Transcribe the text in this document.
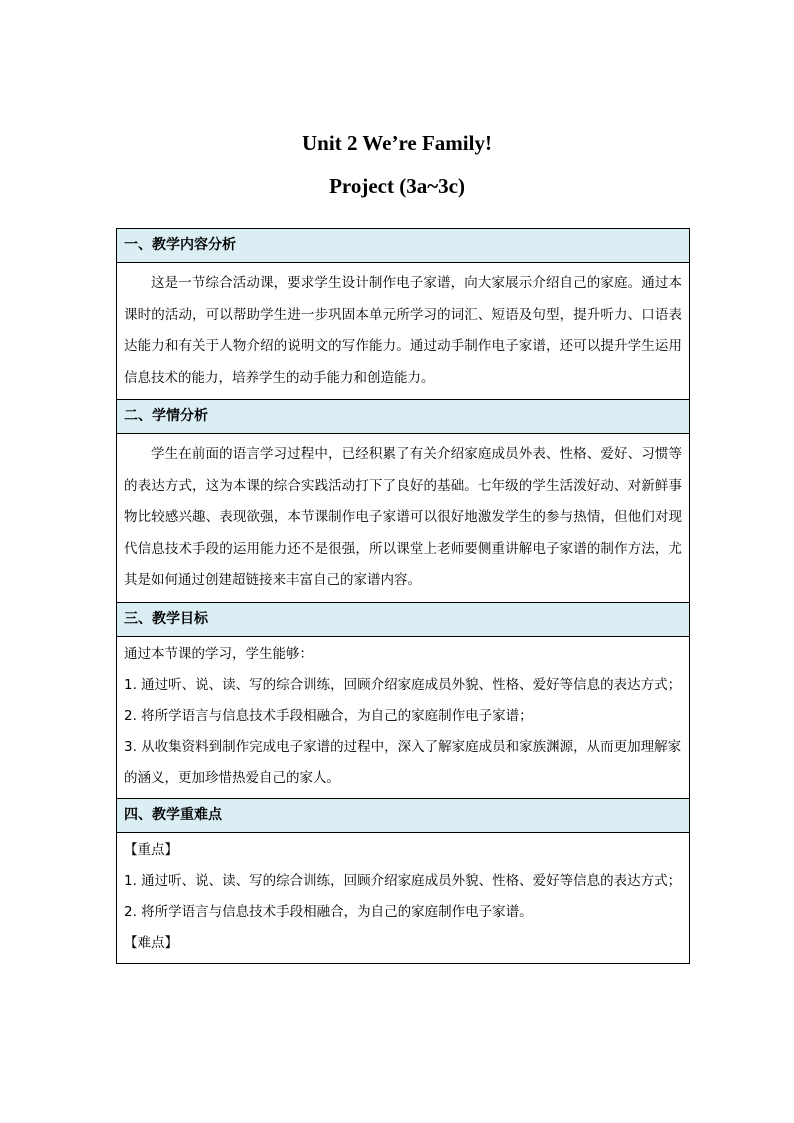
Unit 2 We’re Family!
Project (3a~3c)
一、教学内容分析

这是一节综合活动课，要求学生设计制作电子家谱，向大家展示介绍自己的家庭。通过本课时的活动，可以帮助学生进一步巩固本单元所学习的词汇、短语及句型，提升听力、口语表达能力和有关于人物介绍的说明文的写作能力。通过动手制作电子家谱，还可以提升学生运用信息技术的能力，培养学生的动手能力和创造能力。

二、学情分析

学生在前面的语言学习过程中，已经积累了有关介绍家庭成员外表、性格、爱好、习惯等的表达方式，这为本课的综合实践活动打下了良好的基础。七年级的学生活泼好动、对新鲜事物比较感兴趣、表现欲强，本节课制作电子家谱可以很好地激发学生的参与热情，但他们对现代信息技术手段的运用能力还不是很强，所以课堂上老师要侧重讲解电子家谱的制作方法，尤其是如何通过创建超链接来丰富自己的家谱内容。

三、教学目标

通过本节课的学习，学生能够：

1. 通过听、说、读、写的综合训练，回顾介绍家庭成员外貌、性格、爱好等信息的表达方式；

2. 将所学语言与信息技术手段相融合，为自己的家庭制作电子家谱；

3. 从收集资料到制作完成电子家谱的过程中，深入了解家庭成员和家族渊源，从而更加理解家的涵义，更加珍惜热爱自己的家人。

四、教学重难点

【重点】

1. 通过听、说、读、写的综合训练，回顾介绍家庭成员外貌、性格、爱好等信息的表达方式；

2. 将所学语言与信息技术手段相融合，为自己的家庭制作电子家谱。

【难点】
